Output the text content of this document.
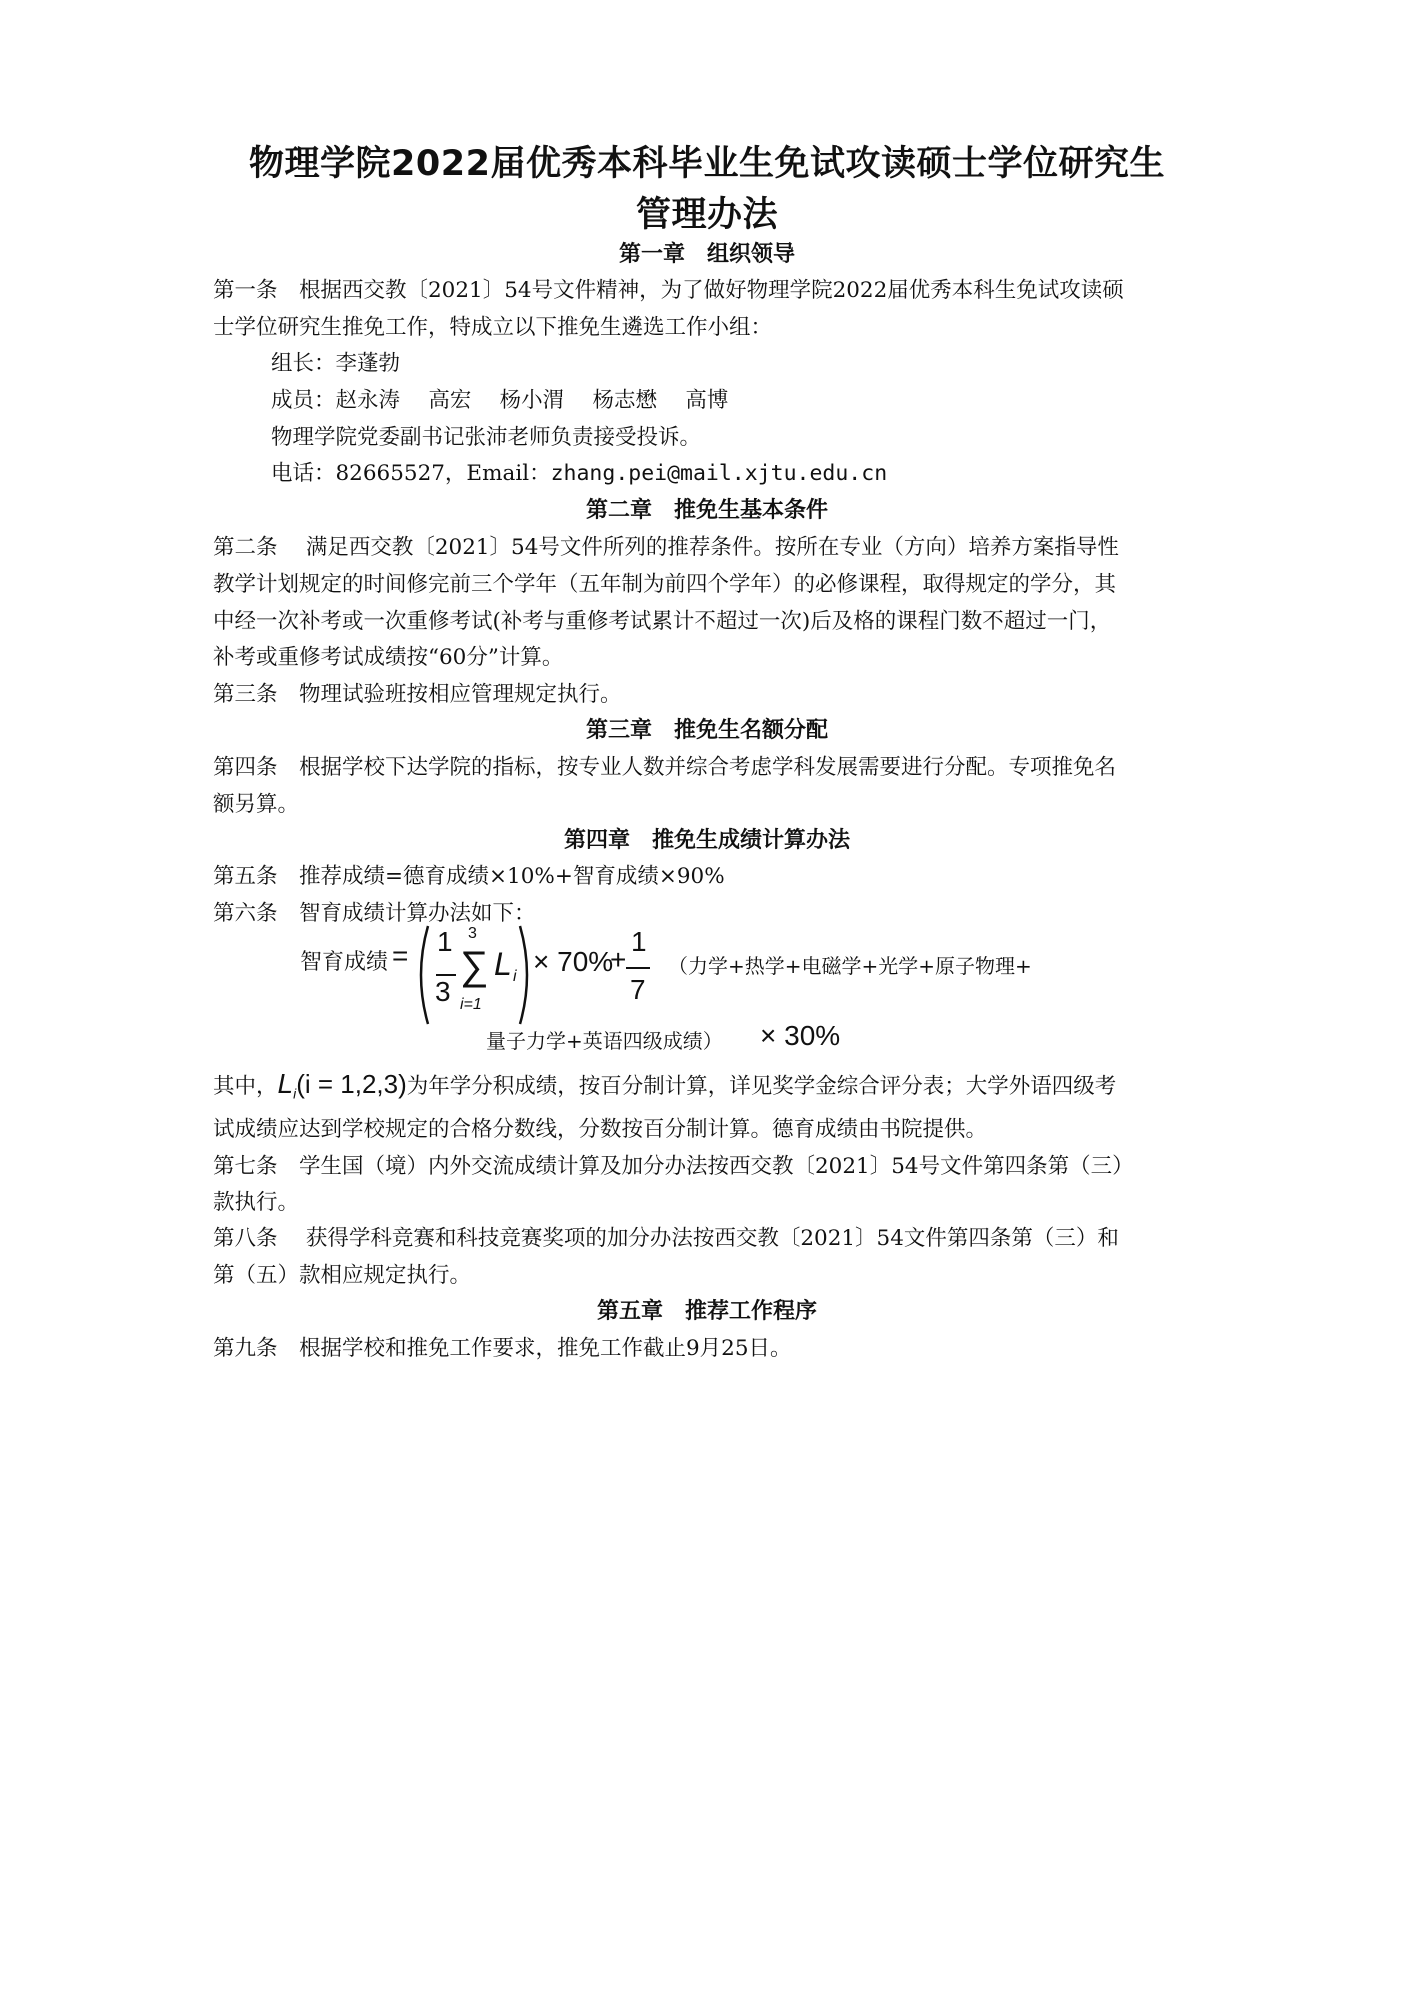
物理学院2022届优秀本科毕业生免试攻读硕士学位研究生
管理办法
第一章　组织领导
第一条　根据西交教〔2021〕54号文件精神，为了做好物理学院2022届优秀本科生免试攻读硕
士学位研究生推免工作，特成立以下推免生遴选工作小组：
组长：李蓬勃
成员：赵永涛　 高宏　 杨小渭　 杨志懋　 高博
物理学院党委副书记张沛老师负责接受投诉。
电话：82665527，Email：zhang.pei@mail.xjtu.edu.cn
第二章　推免生基本条件
第二条　 满足西交教〔2021〕54号文件所列的推荐条件。按所在专业（方向）培养方案指导性
教学计划规定的时间修完前三个学年（五年制为前四个学年）的必修课程，取得规定的学分，其
中经一次补考或一次重修考试(补考与重修考试累计不超过一次)后及格的课程门数不超过一门，
补考或重修考试成绩按“60分”计算。
第三条　物理试验班按相应管理规定执行。
第三章　推免生名额分配
第四条　根据学校下达学院的指标，按专业人数并综合考虑学科发展需要进行分配。专项推免名
额另算。
第四章　推免生成绩计算办法
第五条　推荐成绩=德育成绩×10%+智育成绩×90%
第六条　智育成绩计算办法如下：
智育成绩 = 1
3
∑
3
i=1
L i × 70%
+
1
7
（力学+热学+电磁学+光学+原子物理+
量子力学+英语四级成绩） × 30%
其中，$L_i(i = 1,2,3)$为年学分积成绩，按百分制计算，详见奖学金综合评分表；大学外语四级考
试成绩应达到学校规定的合格分数线，分数按百分制计算。德育成绩由书院提供。
第七条　学生国（境）内外交流成绩计算及加分办法按西交教〔2021〕54号文件第四条第（三）
款执行。
第八条　 获得学科竞赛和科技竞赛奖项的加分办法按西交教〔2021〕54文件第四条第（三）和
第（五）款相应规定执行。
第五章　推荐工作程序
第九条　根据学校和推免工作要求，推免工作截止9月25日。
